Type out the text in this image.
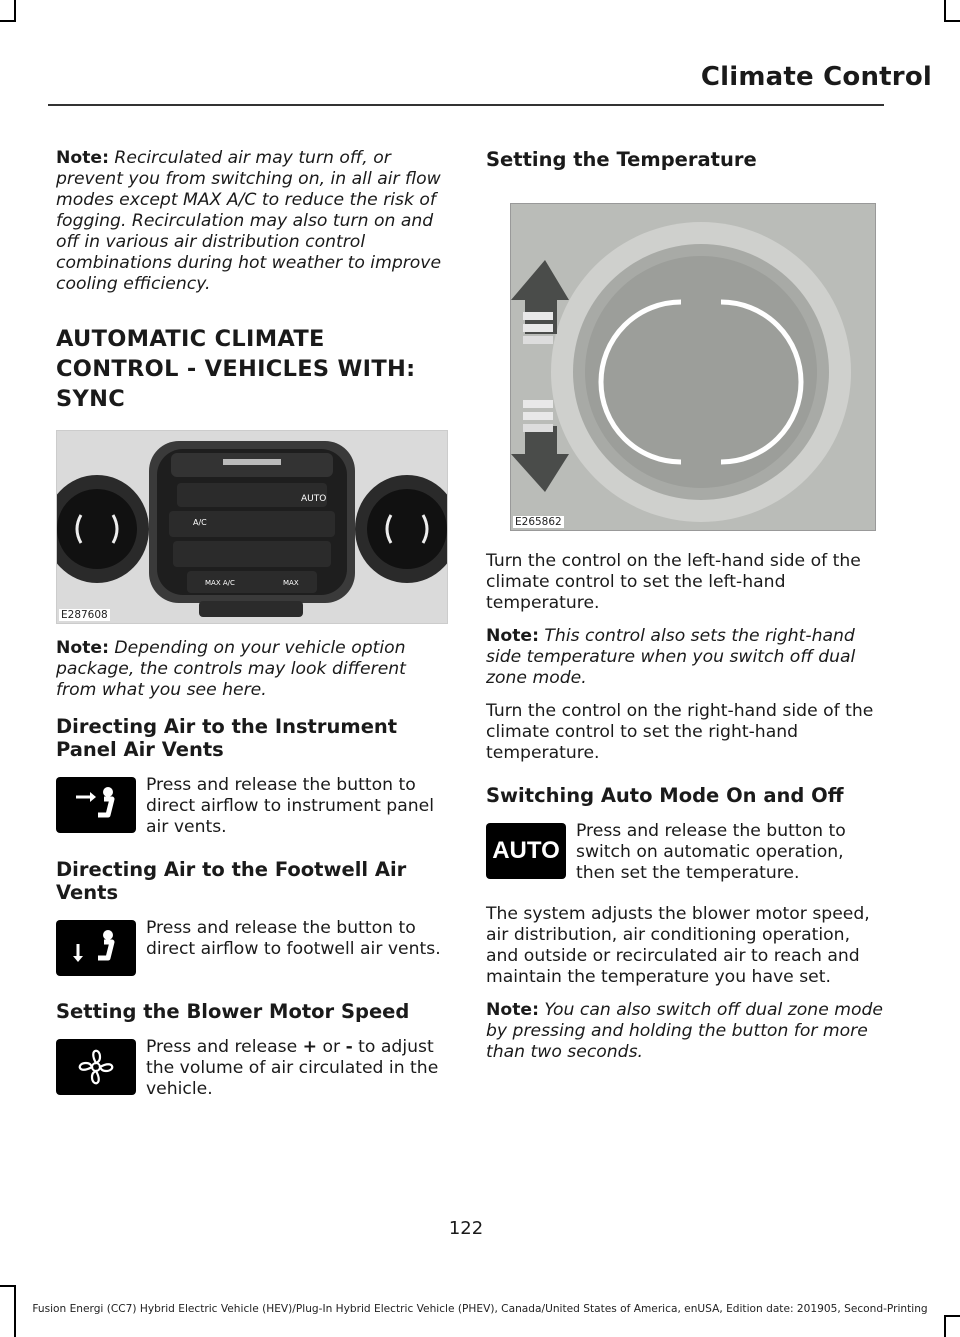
Climate Control

Note: Recirculated air may turn off, or prevent you from switching on, in all air flow modes except MAX A/C to reduce the risk of fogging. Recirculation may also turn on and off in various air distribution control combinations during hot weather to improve cooling efficiency.

AUTOMATIC CLIMATE
CONTROL - VEHICLES WITH:
SYNC
AUTO
A/C
MAX A/C	MAX
E287608

Note: Depending on your vehicle option package, the controls may look different from what you see here.

Directing Air to the Instrument Panel Air Vents
Press and release the button to direct airflow to instrument panel air vents.
Directing Air to the Footwell Air Vents
Press and release the button to direct airflow to footwell air vents.
Setting the Blower Motor Speed
Press and release + or - to adjust the volume of air circulated in the vehicle.
Setting the Temperature
E265862

Turn the control on the left-hand side of the climate control to set the left-hand temperature.

Note: This control also sets the right-hand side temperature when you switch off dual zone mode.

Turn the control on the right-hand side of the climate control to set the right-hand temperature.

Switching Auto Mode On and Off
AUTO
Press and release the button to switch on automatic operation, then set the temperature.

The system adjusts the blower motor speed, air distribution, air conditioning operation, and outside or recirculated air to reach and maintain the temperature you have set.

Note: You can also switch off dual zone mode by pressing and holding the button for more than two seconds.

122
Fusion Energi (CC7) Hybrid Electric Vehicle (HEV)/Plug-In Hybrid Electric Vehicle (PHEV), Canada/United States of America, enUSA, Edition date: 201905, Second-Printing
